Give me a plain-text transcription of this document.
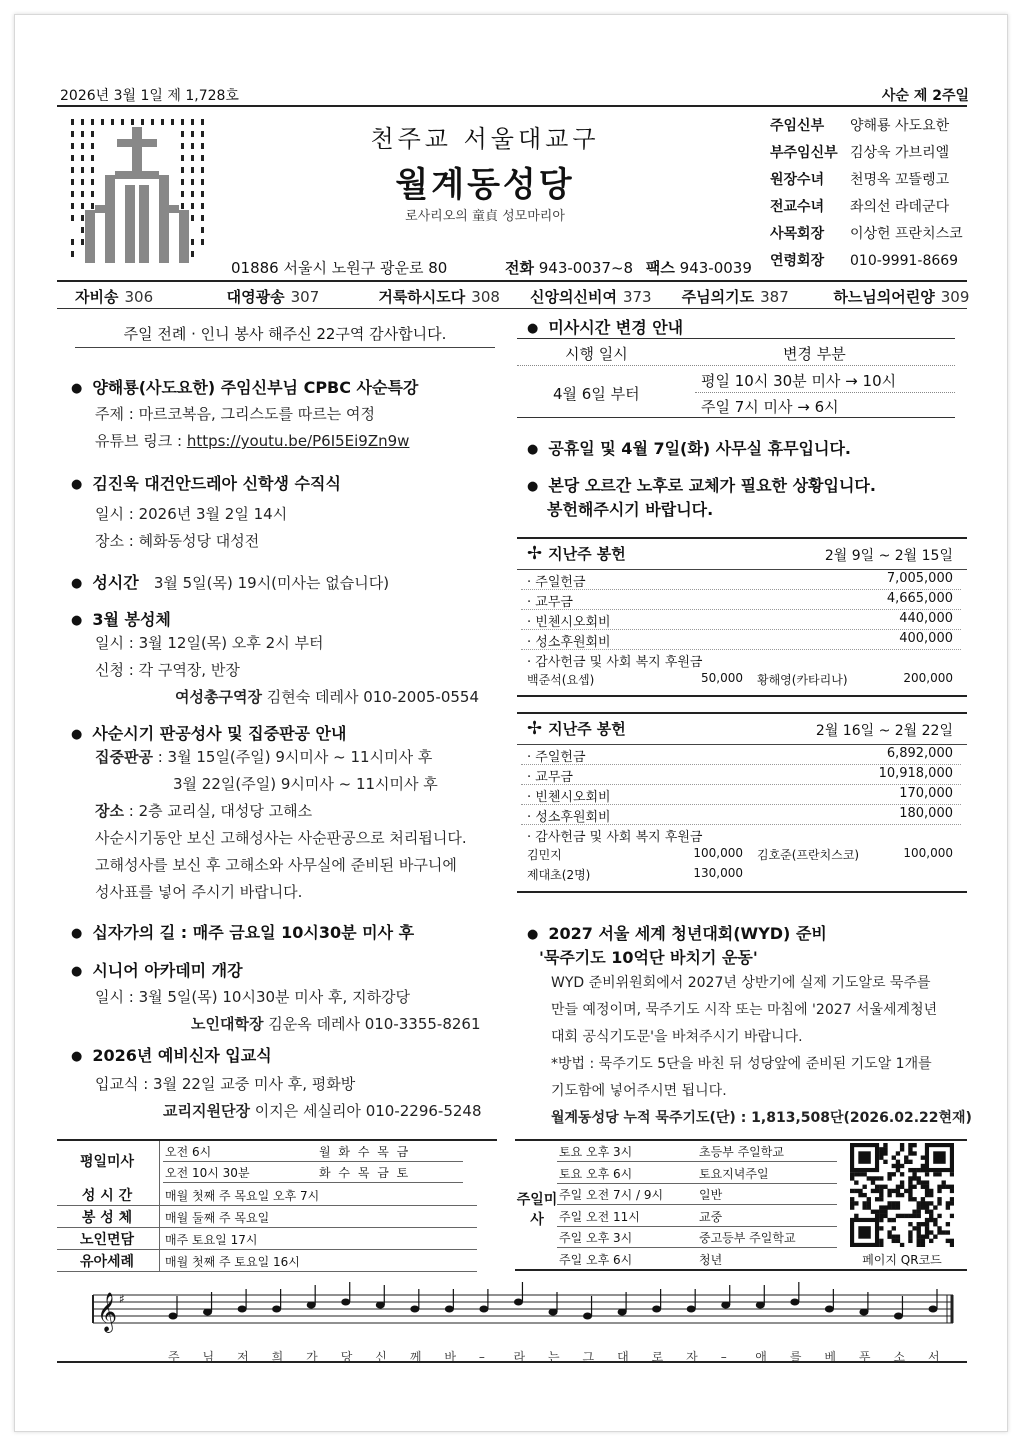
2026년 3월 1일 제 1,728호	사순 제 2주일
천주교 서울대교구
월계동성당
로사리오의 童貞 성모마리아
01886 서울시 노원구 광운로 80	전화 943-0037~8 팩스 943-0039
주임신부 양해룡 사도요한
부주임신부 김상욱 가브리엘
원장수녀 천명옥 꼬뜰렝고
전교수녀 좌의선 라데군다
사목회장 이상헌 프란치스코
연령회장 010-9991-8669
자비송 306	대영광송 307	거룩하시도다 308 신앙의신비여 373 주님의기도 387	하느님의어린양 309
주일 전례 · 인니 봉사 해주신 22구역 감사합니다.
● 양해룡(사도요한) 주임신부님 CPBC 사순특강
주제 : 마르코복음, 그리스도를 따르는 여정
유튜브 링크 : https://youtu.be/P6I5Ei9Zn9w
● 김진욱 대건안드레아 신학생 수직식
일시 : 2026년 3월 2일 14시
장소 : 혜화동성당 대성전
● 성시간 3월 5일(목) 19시(미사는 없습니다)
● 3월 봉성체
일시 : 3월 12일(목) 오후 2시 부터
신청 : 각 구역장, 반장
여성총구역장 김현숙 데레사 010-2005-0554
● 사순시기 판공성사 및 집중판공 안내
집중판공 : 3월 15일(주일) 9시미사 ~ 11시미사 후
3월 22일(주일) 9시미사 ~ 11시미사 후
장소 : 2층 교리실, 대성당 고해소
사순시기동안 보신 고해성사는 사순판공으로 처리됩니다.
고해성사를 보신 후 고해소와 사무실에 준비된 바구니에
성사표를 넣어 주시기 바랍니다.
● 십자가의 길 : 매주 금요일 10시30분 미사 후
● 시니어 아카데미 개강
일시 : 3월 5일(목) 10시30분 미사 후, 지하강당
노인대학장 김운옥 데레사 010-3355-8261
● 2026년 예비신자 입교식
입교식 : 3월 22일 교중 미사 후, 평화방
교리지원단장 이지은 세실리아 010-2296-5248
● 미사시간 변경 안내
시행 일시	변경 부분
4월 6일 부터
평일 10시 30분 미사 → 10시
주일 7시 미사 → 6시
● 공휴일 및 4월 7일(화) 사무실 휴무입니다.
● 본당 오르간 노후로 교체가 필요한 상황입니다.
봉헌해주시기 바랍니다.
✢ 지난주 봉헌	2월 9일 ~ 2월 15일
· 주일헌금	7,005,000
· 교무금	4,665,000
· 빈첸시오회비	440,000
· 성소후원회비	400,000
· 감사헌금 및 사회 복지 후원금
백준석(요셉)	50,000 황해영(카타리나)	200,000
✢ 지난주 봉헌	2월 16일 ~ 2월 22일
· 주일헌금	6,892,000
· 교무금	10,918,000
· 빈첸시오회비	170,000
· 성소후원회비	180,000
· 감사헌금 및 사회 복지 후원금
김민지	100,000 김호준(프란치스코)	100,000
제대초(2명)	130,000
● 2027 서울 세계 청년대회(WYD) 준비
'묵주기도 10억단 바치기 운동'
WYD 준비위원회에서 2027년 상반기에 실제 기도알로 묵주를
만들 예정이며, 묵주기도 시작 또는 마침에 '2027 서울세계청년
대회 공식기도문'을 바쳐주시기 바랍니다.
*방법 : 묵주기도 5단을 바친 뒤 성당앞에 준비된 기도알 1개를
기도함에 넣어주시면 됩니다.
월계동성당 누적 묵주기도(단) : 1,813,508단(2026.02.22현재)
평일미사
오전 6시	월 화 수 목 금
오전 10시 30분	화 수 목 금 토
성 시 간	매월 첫째 주 목요일 오후 7시
봉 성 체	매월 둘째 주 목요일
노인면담	매주 토요일 17시
유아세례	매월 첫째 주 토요일 16시
주일미사
토요 오후 3시	초등부 주일학교
토요 오후 6시	토요지녁주일
주일 오전 7시 / 9시	일반
주일 오전 11시	교중
주일 오후 3시	중고등부 주일학교
주일 오후 6시	청년	페이지 QR코드
𝄞 ♯
주 님 저 희 가 당 신 께 바 – 라 는 그 대 로 자 – 애 를 베 푸 소 서
